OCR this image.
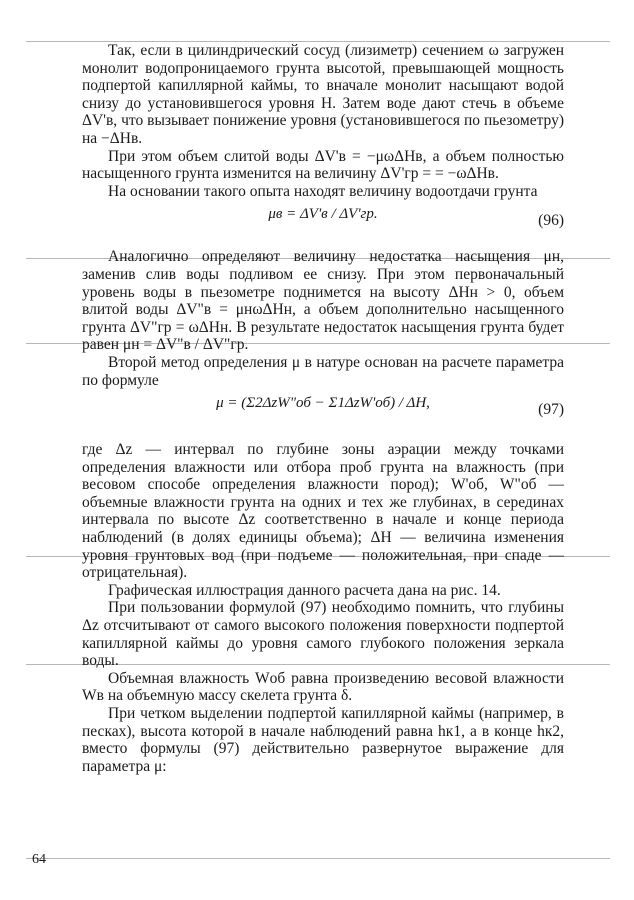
Так, если в цилиндрический сосуд (лизиметр) сечением ω загружен монолит водопроницаемого грунта высотой, превышающей мощность подпертой капиллярной каймы, то вначале монолит насыщают водой снизу до установившегося уровня H. Затем воде дают стечь в объеме ΔV'в, что вызывает понижение уровня (установившегося по пьезометру) на −ΔHв.

При этом объем слитой воды ΔV'в = −μωΔHв, а объем полностью насыщенного грунта изменится на величину ΔV'гр = = −ωΔHв.

На основании такого опыта находят величину водоотдачи грунта

μв = ΔV'в / ΔV'гр.	(96)

Аналогично определяют величину недостатка насыщения μн, заменив слив воды подливом ее снизу. При этом первоначальный уровень воды в пьезометре поднимется на высоту ΔHн > 0, объем влитой воды ΔV"в = μнωΔHн, а объем дополнительно насыщенного грунта ΔV"гр = ωΔHн. В результате недостаток насыщения грунта будет равен μн = ΔV"в / ΔV"гр.

Второй метод определения μ в натуре основан на расчете параметра по формуле

μ = (Σ2ΔzW"об − Σ1ΔzW'об) / ΔH,	(97)

где Δz — интервал по глубине зоны аэрации между точками определения влажности или отбора проб грунта на влажность (при весовом способе определения влажности пород); W'об, W"об — объемные влажности грунта на одних и тех же глубинах, в серединах интервала по высоте Δz соответственно в начале и конце периода наблюдений (в долях единицы объема); ΔH — величина изменения уровня грунтовых вод (при подъеме — положительная, при спаде — отрицательная).

Графическая иллюстрация данного расчета дана на рис. 14.

При пользовании формулой (97) необходимо помнить, что глубины Δz отсчитывают от самого высокого положения поверхности подпертой капиллярной каймы до уровня самого глубокого положения зеркала воды.

Объемная влажность Wоб равна произведению весовой влажности Wв на объемную массу скелета грунта δ.

При четком выделении подпертой капиллярной каймы (например, в песках), высота которой в начале наблюдений равна hк1, а в конце hк2, вместо формулы (97) действительно развернутое выражение для параметра μ:

64
